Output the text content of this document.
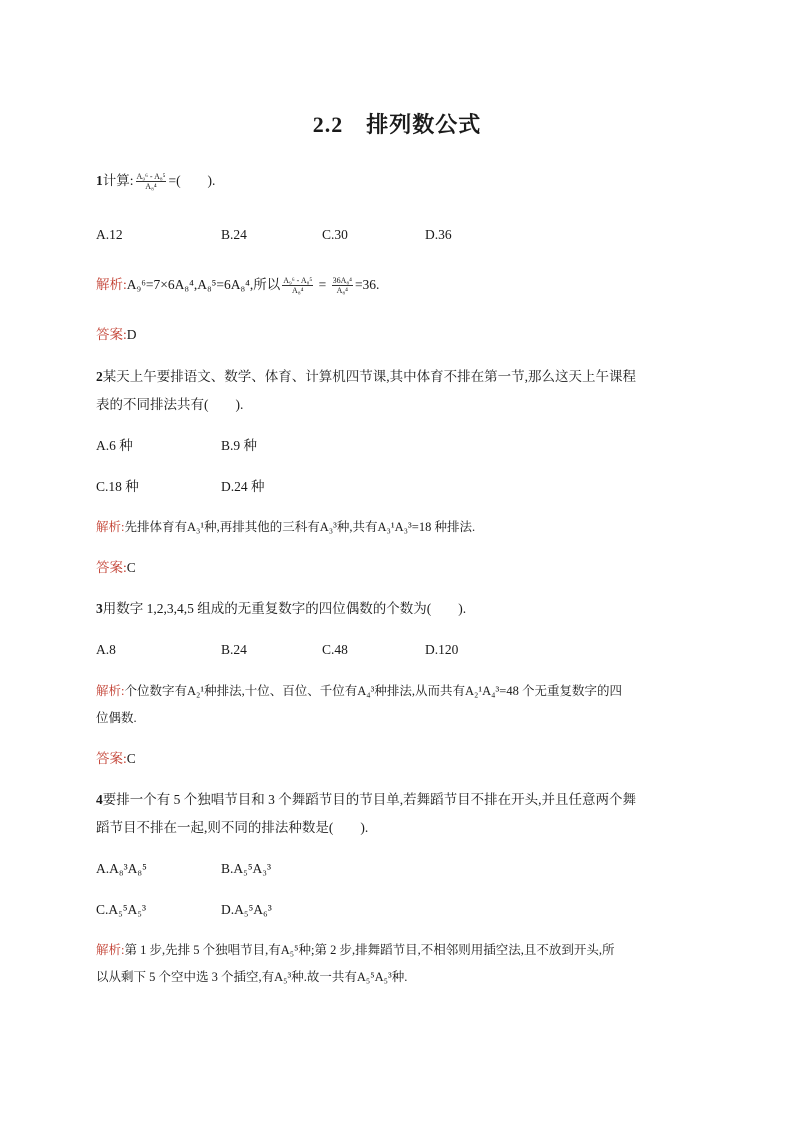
2.2　排列数公式
1计算: $\frac{\text{A₉⁶ - A₈⁵}}{\text{A₈⁴}}$ =(　　).
A.12	B.24	C.30	D.36
解析:A₉⁶=7×6A₈⁴,A₈⁵=6A₈⁴,所以 $\frac{\text{A₉⁶ - A₈⁵}}{\text{A₈⁴}} = \frac{\text{36A₈⁴}}{\text{A₈⁴}} =36$.
答案:D
2某天上午要排语文、数学、体育、计算机四节课,其中体育不排在第一节,那么这天上午课程
表的不同排法共有(　　).
A.6 种	B.9 种
C.18 种	D.24 种
解析:先排体育有A₃¹种,再排其他的三科有A₃³种,共有A₃¹A₃³=18 种排法.
答案:C
3用数字 1,2,3,4,5 组成的无重复数字的四位偶数的个数为(　　).
A.8	B.24	C.48	D.120
解析:个位数字有A₂¹种排法,十位、百位、千位有A₄³种排法,从而共有A₂¹A₄³=48 个无重复数字的四
位偶数.
答案:C
4要排一个有 5 个独唱节目和 3 个舞蹈节目的节目单,若舞蹈节目不排在开头,并且任意两个舞
蹈节目不排在一起,则不同的排法种数是(　　).
A.A₈³A₈⁵	B.A₅⁵A₃³
C.A₅⁵A₅³	D.A₅⁵A₆³
解析:第 1 步,先排 5 个独唱节目,有A₅⁵种;第 2 步,排舞蹈节目,不相邻则用插空法,且不放到开头,所
以从剩下 5 个空中选 3 个插空,有A₅³种.故一共有A₅⁵A₅³种.
